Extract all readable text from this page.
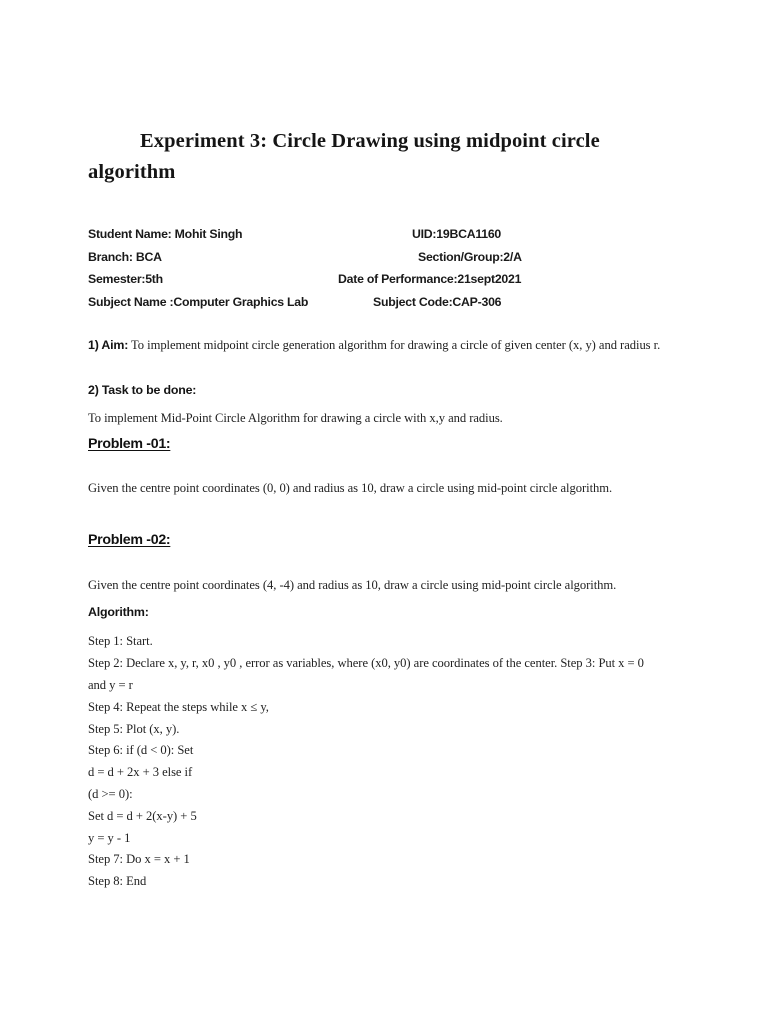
Experiment 3: Circle Drawing using midpoint circle algorithm
Student Name: Mohit Singh	UID:19BCA1160
Branch: BCA	Section/Group:2/A
Semester:5th	Date of Performance:21sept2021
Subject Name :Computer Graphics Lab	Subject Code:CAP-306

1) Aim: To implement midpoint circle generation algorithm for drawing a circle of given center (x, y) and radius r.

2) Task to be done:

To implement Mid-Point Circle Algorithm for drawing a circle with x,y and radius.

Problem -01:

Given the centre point coordinates (0, 0) and radius as 10, draw a circle using mid-point circle algorithm.

Problem -02:

Given the centre point coordinates (4, -4) and radius as 10, draw a circle using mid-point circle algorithm.

Algorithm:

Step 1: Start.

Step 2: Declare x, y, r, x0 , y0 , error as variables, where (x0, y0) are coordinates of the center. Step 3: Put x = 0 and y = r

Step 4: Repeat the steps while x ≤ y,

Step 5: Plot (x, y).

Step 6: if (d < 0): Set

d = d + 2x + 3 else if

(d >= 0):

Set d = d + 2(x-y) + 5

y = y - 1

Step 7: Do x = x + 1

Step 8: End
